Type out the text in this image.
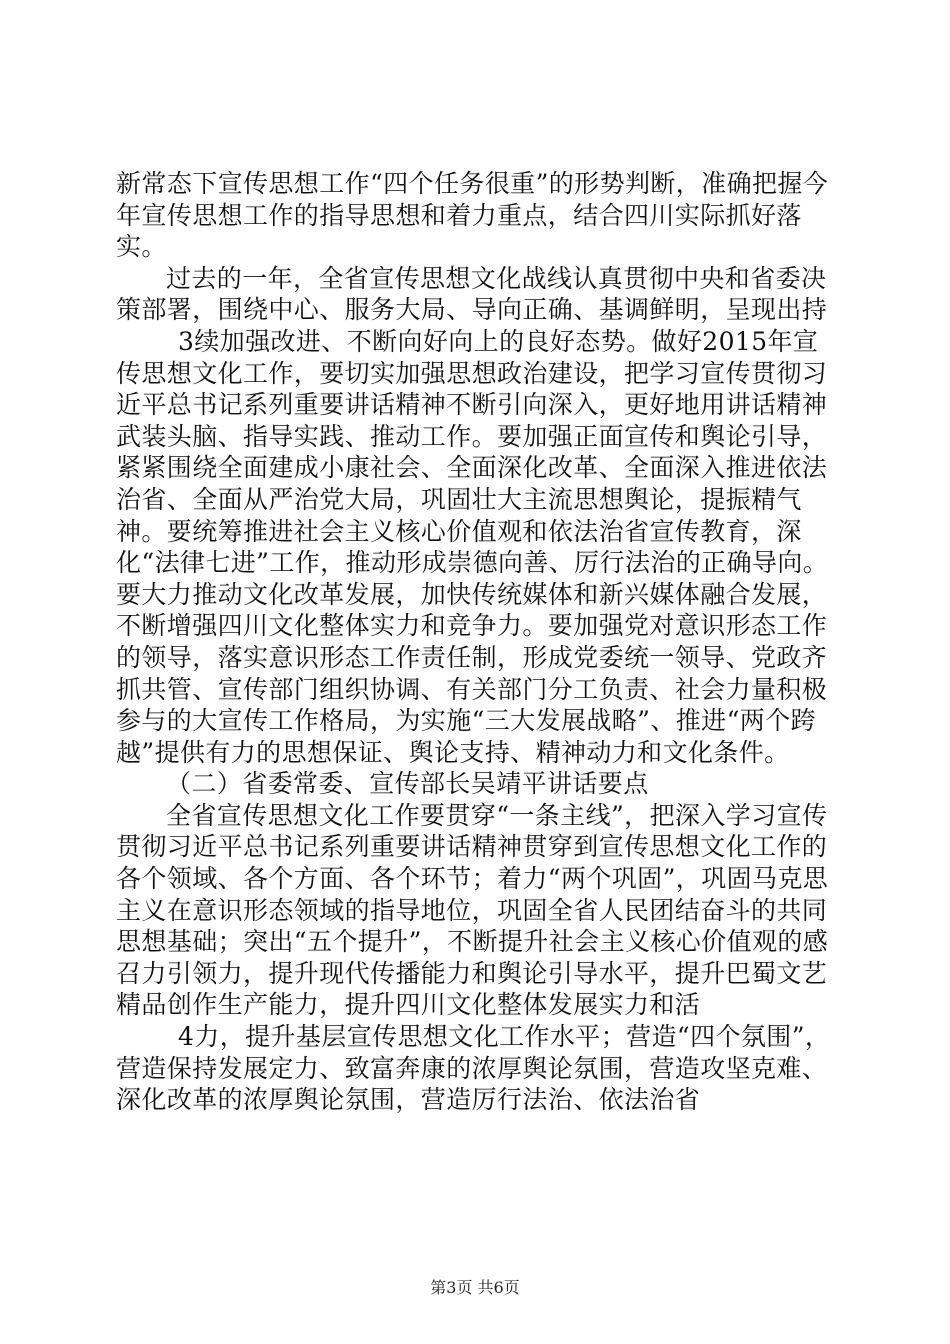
新常态下宣传思想工作“四个任务很重”的形势判断，准确把握今年宣传思想工作的指导思想和着力重点，结合四川实际抓好落实。

过去的一年，全省宣传思想文化战线认真贯彻中央和省委决策部署，围绕中心、服务大局、导向正确、基调鲜明，呈现出持

3续加强改进、不断向好向上的良好态势。做好2015年宣传思想文化工作，要切实加强思想政治建设，把学习宣传贯彻习近平总书记系列重要讲话精神不断引向深入，更好地用讲话精神武装头脑、指导实践、推动工作。要加强正面宣传和舆论引导，紧紧围绕全面建成小康社会、全面深化改革、全面深入推进依法治省、全面从严治党大局，巩固壮大主流思想舆论，提振精气神。要统筹推进社会主义核心价值观和依法治省宣传教育，深化“法律七进”工作，推动形成崇德向善、厉行法治的正确导向。要大力推动文化改革发展，加快传统媒体和新兴媒体融合发展，不断增强四川文化整体实力和竞争力。要加强党对意识形态工作的领导，落实意识形态工作责任制，形成党委统一领导、党政齐抓共管、宣传部门组织协调、有关部门分工负责、社会力量积极参与的大宣传工作格局，为实施“三大发展战略”、推进“两个跨越”提供有力的思想保证、舆论支持、精神动力和文化条件。

（二）省委常委、宣传部长吴靖平讲话要点

全省宣传思想文化工作要贯穿“一条主线”，把深入学习宣传贯彻习近平总书记系列重要讲话精神贯穿到宣传思想文化工作的各个领域、各个方面、各个环节；着力“两个巩固”，巩固马克思主义在意识形态领域的指导地位，巩固全省人民团结奋斗的共同思想基础；突出“五个提升”，不断提升社会主义核心价值观的感召力引领力，提升现代传播能力和舆论引导水平，提升巴蜀文艺精品创作生产能力，提升四川文化整体发展实力和活

4力，提升基层宣传思想文化工作水平；营造“四个氛围”，营造保持发展定力、致富奔康的浓厚舆论氛围，营造攻坚克难、深化改革的浓厚舆论氛围，营造厉行法治、依法治省

第3页 共6页
